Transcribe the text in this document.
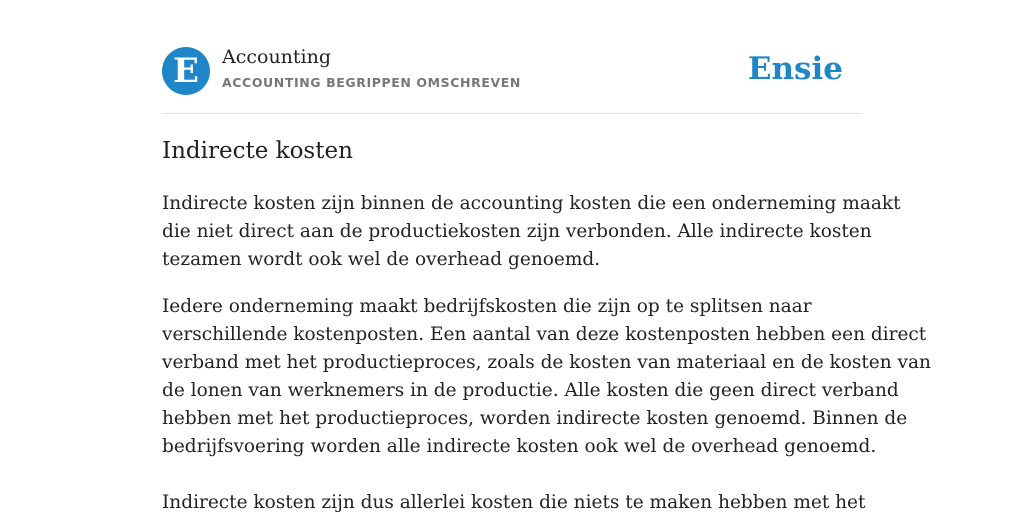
E	Accounting
ACCOUNTING BEGRIPPEN OMSCHREVEN	Ensie
Indirecte kosten

Indirecte kosten zijn binnen de accounting kosten die een onderneming maakt
die niet direct aan de productiekosten zijn verbonden. Alle indirecte kosten
tezamen wordt ook wel de overhead genoemd.

Iedere onderneming maakt bedrijfskosten die zijn op te splitsen naar
verschillende kostenposten. Een aantal van deze kostenposten hebben een direct
verband met het productieproces, zoals de kosten van materiaal en de kosten van
de lonen van werknemers in de productie. Alle kosten die geen direct verband
hebben met het productieproces, worden indirecte kosten genoemd. Binnen de
bedrijfsvoering worden alle indirecte kosten ook wel de overhead genoemd.

Indirecte kosten zijn dus allerlei kosten die niets te maken hebben met het
